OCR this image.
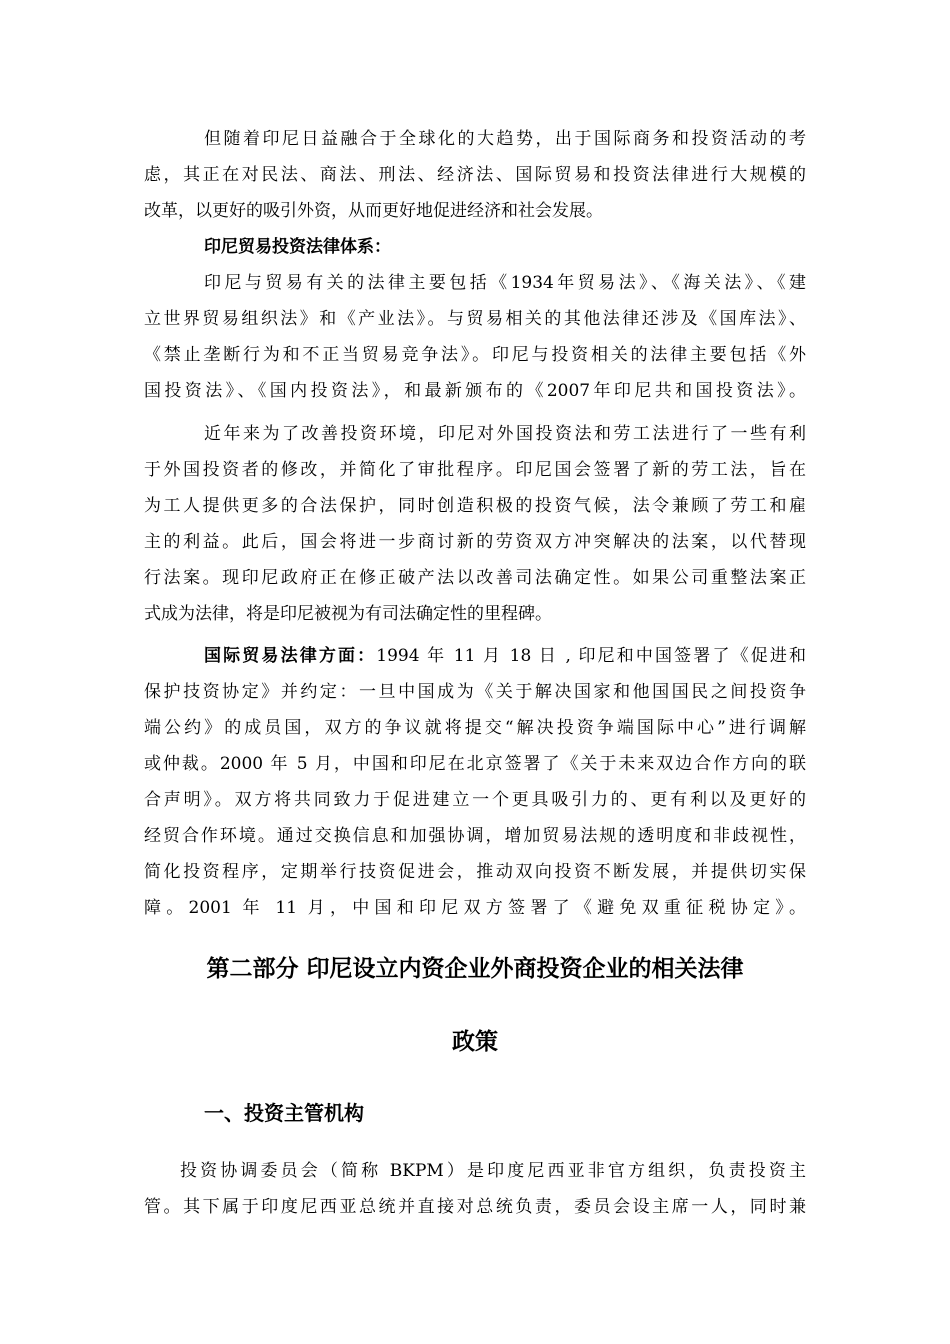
但随着印尼日益融合于全球化的大趋势，出于国际商务和投资活动的考
虑，其正在对民法、商法、刑法、经济法、国际贸易和投资法律进行大规模的
改革，以更好的吸引外资，从而更好地促进经济和社会发展。
印尼贸易投资法律体系：
印尼与贸易有关的法律主要包括《1934年贸易法》、《海关法》、《建
立世界贸易组织法》和《产业法》。与贸易相关的其他法律还涉及《国库法》、
《禁止垄断行为和不正当贸易竞争法》。印尼与投资相关的法律主要包括《外
国投资法》、《国内投资法》，和最新颁布的《2007年印尼共和国投资法》。
近年来为了改善投资环境，印尼对外国投资法和劳工法进行了一些有利
于外国投资者的修改，并简化了审批程序。印尼国会签署了新的劳工法，旨在
为工人提供更多的合法保护，同时创造积极的投资气候，法令兼顾了劳工和雇
主的利益。此后，国会将进一步商讨新的劳资双方冲突解决的法案，以代替现
行法案。现印尼政府正在修正破产法以改善司法确定性。如果公司重整法案正
式成为法律，将是印尼被视为有司法确定性的里程碑。
国际贸易法律方面：1994 年 11 月 18 日 , 印尼和中国签署了《促进和
保护技资协定》并约定：一旦中国成为《关于解决国家和他国国民之间投资争
端公约》的成员国，双方的争议就将提交“解决投资争端国际中心”进行调解
或仲裁。2000 年 5 月，中国和印尼在北京签署了《关于未来双边合作方向的联
合声明》。双方将共同致力于促进建立一个更具吸引力的、更有利以及更好的
经贸合作环境。通过交换信息和加强协调，增加贸易法规的透明度和非歧视性，
简化投资程序，定期举行技资促进会，推动双向投资不断发展，并提供切实保
障。2001 年 11 月，中国和印尼双方签署了《避免双重征税协定》。
第二部分 印尼设立内资企业外商投资企业的相关法律
政策
一、投资主管机构
投资协调委员会（简称 BKPM）是印度尼西亚非官方组织，负责投资主
管。其下属于印度尼西亚总统并直接对总统负责，委员会设主席一人，同时兼
